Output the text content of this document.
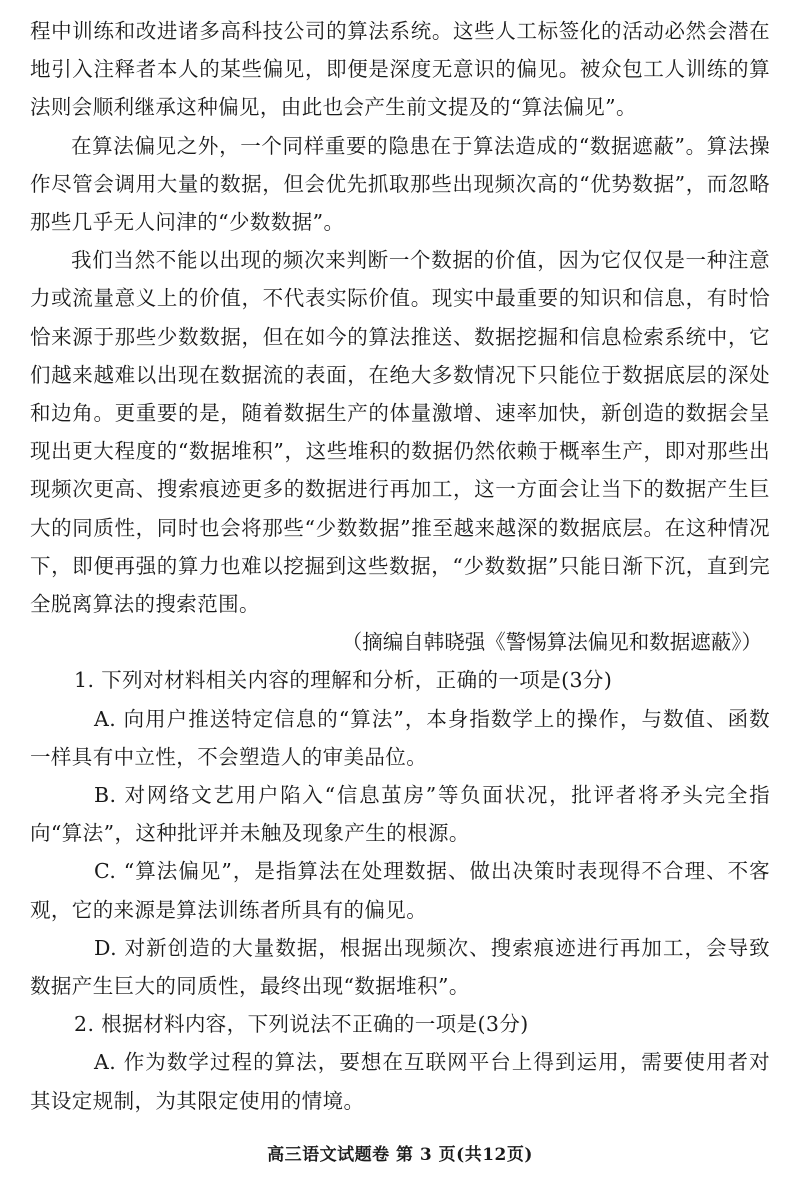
程中训练和改进诸多高科技公司的算法系统。这些人工标签化的活动必然会潜在地引入注释者本人的某些偏见，即便是深度无意识的偏见。被众包工人训练的算法则会顺利继承这种偏见，由此也会产生前文提及的“算法偏见”。

在算法偏见之外，一个同样重要的隐患在于算法造成的“数据遮蔽”。算法操作尽管会调用大量的数据，但会优先抓取那些出现频次高的“优势数据”，而忽略那些几乎无人问津的“少数数据”。

我们当然不能以出现的频次来判断一个数据的价值，因为它仅仅是一种注意力或流量意义上的价值，不代表实际价值。现实中最重要的知识和信息，有时恰恰来源于那些少数数据，但在如今的算法推送、数据挖掘和信息检索系统中，它们越来越难以出现在数据流的表面，在绝大多数情况下只能位于数据底层的深处和边角。更重要的是，随着数据生产的体量激增、速率加快，新创造的数据会呈现出更大程度的“数据堆积”，这些堆积的数据仍然依赖于概率生产，即对那些出现频次更高、搜索痕迹更多的数据进行再加工，这一方面会让当下的数据产生巨大的同质性，同时也会将那些“少数数据”推至越来越深的数据底层。在这种情况下，即便再强的算力也难以挖掘到这些数据，“少数数据”只能日渐下沉，直到完全脱离算法的搜索范围。

（摘编自韩晓强《警惕算法偏见和数据遮蔽》）

1. 下列对材料相关内容的理解和分析，正确的一项是(3分)

A. 向用户推送特定信息的“算法”，本身指数学上的操作，与数值、函数一样具有中立性，不会塑造人的审美品位。

B. 对网络文艺用户陷入“信息茧房”等负面状况，批评者将矛头完全指向“算法”，这种批评并未触及现象产生的根源。

C. “算法偏见”，是指算法在处理数据、做出决策时表现得不合理、不客观，它的来源是算法训练者所具有的偏见。

D. 对新创造的大量数据，根据出现频次、搜索痕迹进行再加工，会导致数据产生巨大的同质性，最终出现“数据堆积”。

2. 根据材料内容，下列说法不正确的一项是(3分)

A. 作为数学过程的算法，要想在互联网平台上得到运用，需要使用者对其设定规制，为其限定使用的情境。

高三语文试题卷 第 3 页(共12页)
